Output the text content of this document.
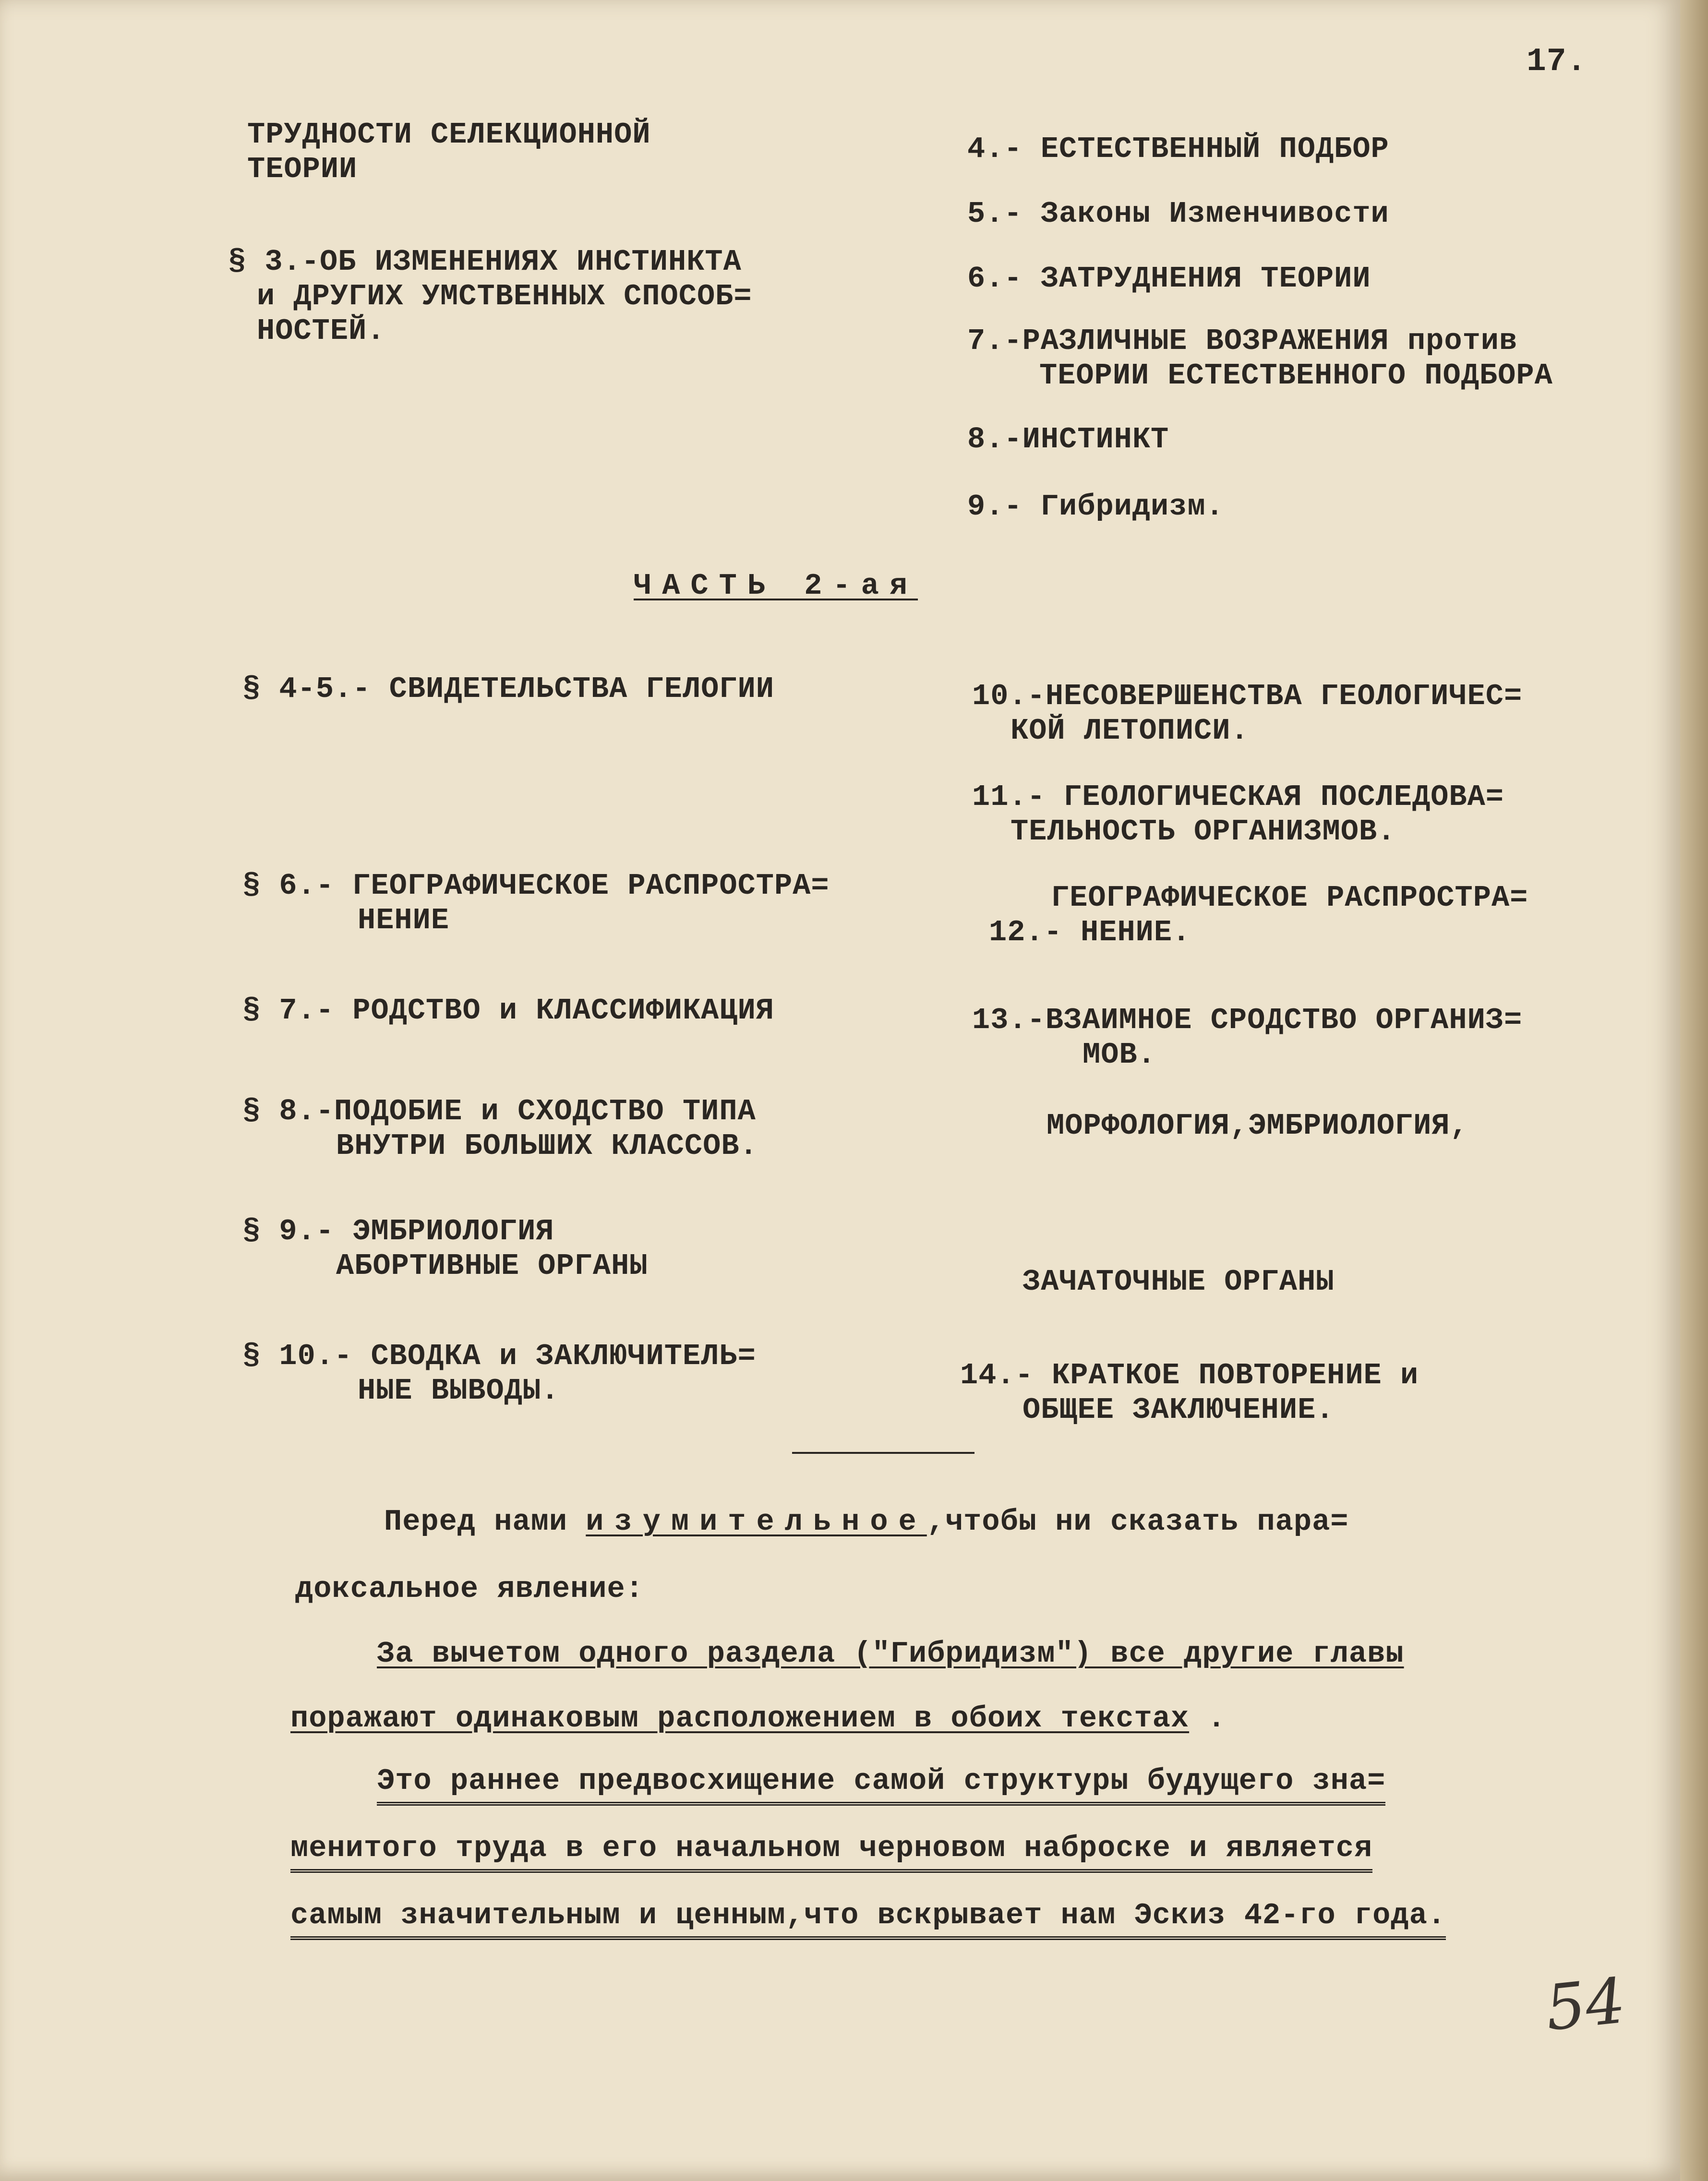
17.
ТРУДНОСТИ СЕЛЕКЦИОННОЙ
ТЕОРИИ
§ 3.-ОБ ИЗМЕНЕНИЯХ ИНСТИНКТА
и ДРУГИХ УМСТВЕННЫХ СПОСОБ=
НОСТЕЙ.
4.- ЕСТЕСТВЕННЫЙ ПОДБОР
5.- Законы Изменчивости
6.- ЗАТРУДНЕНИЯ ТЕОРИИ
7.-РАЗЛИЧНЫЕ ВОЗРАЖЕНИЯ против
ТЕОРИИ ЕСТЕСТВЕННОГО ПОДБОРА
8.-ИНСТИНКТ
9.- Гибридизм.
ЧАСТЬ 2-ая
§ 4-5.- СВИДЕТЕЛЬСТВА ГЕЛОГИИ
§ 6.- ГЕОГРАФИЧЕСКОЕ РАСПРОСТРА=
НЕНИЕ
§ 7.- РОДСТВО и КЛАССИФИКАЦИЯ
§ 8.-ПОДОБИЕ и СХОДСТВО ТИПА
ВНУТРИ БОЛЬШИХ КЛАССОВ.
§ 9.- ЭМБРИОЛОГИЯ
АБОРТИВНЫЕ ОРГАНЫ
§ 10.- СВОДКА и ЗАКЛЮЧИТЕЛЬ=
НЫЕ ВЫВОДЫ.
10.-НЕСОВЕРШЕНСТВА ГЕОЛОГИЧЕС=
КОЙ ЛЕТОПИСИ.
11.- ГЕОЛОГИЧЕСКАЯ ПОСЛЕДОВА=
ТЕЛЬНОСТЬ ОРГАНИЗМОВ.
ГЕОГРАФИЧЕСКОЕ РАСПРОСТРА=
12.- НЕНИЕ.
13.-ВЗАИМНОЕ СРОДСТВО ОРГАНИЗ=
МОВ.
МОРФОЛОГИЯ,ЭМБРИОЛОГИЯ,
ЗАЧАТОЧНЫЕ ОРГАНЫ
14.- КРАТКОЕ ПОВТОРЕНИЕ и
ОБЩЕЕ ЗАКЛЮЧЕНИЕ.
Перед нами изумительное,чтобы ни сказать пара=
доксальное явление:
За вычетом одного раздела ("Гибридизм") все другие главы
поражают одинаковым расположением в обоих текстах .
Это раннее предвосхищение самой структуры будущего зна=
менитого труда в его начальном черновом наброске и является
самым значительным и ценным,что вскрывает нам Эскиз 42-го года.
54
